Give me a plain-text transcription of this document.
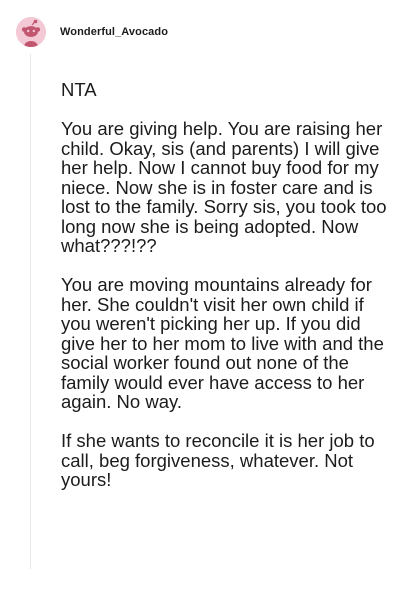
Wonderful_Avocado

NTA

You are giving help. You are raising her child. Okay, sis (and parents) I will give her help. Now I cannot buy food for my niece. Now she is in foster care and is lost to the family. Sorry sis, you took too long now she is being adopted. Now what???!??

You are moving mountains already for her. She couldn't visit her own child if you weren't picking her up. If you did give her to her mom to live with and the social worker found out none of the family would ever have access to her again. No way.

If she wants to reconcile it is her job to call, beg forgiveness, whatever. Not yours!
